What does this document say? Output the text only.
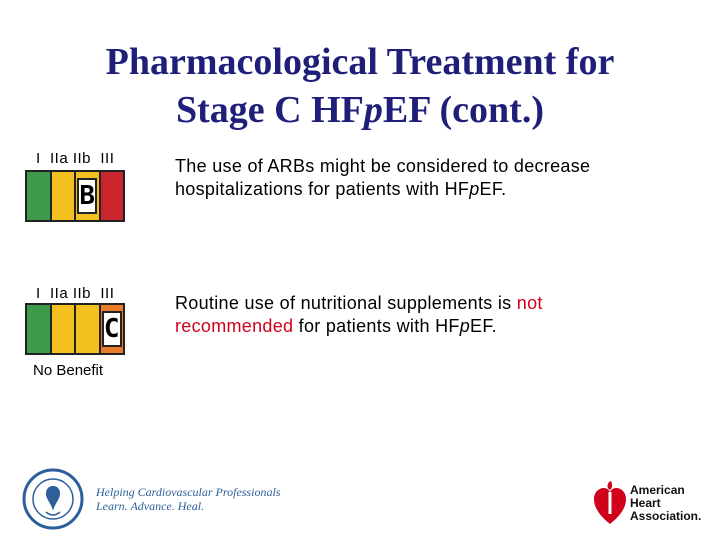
Pharmacological Treatment for
Stage C HFpEF (cont.)
I  IIa IIb  III
B
The use of ARBs might be considered to decrease hospitalizations for patients with HFpEF.
I  IIa IIb  III
C
Routine use of nutritional supplements is not recommended for patients with HFpEF.
No Benefit
Helping Cardiovascular Professionals
Learn. Advance. Heal.
American
Heart
Association.
